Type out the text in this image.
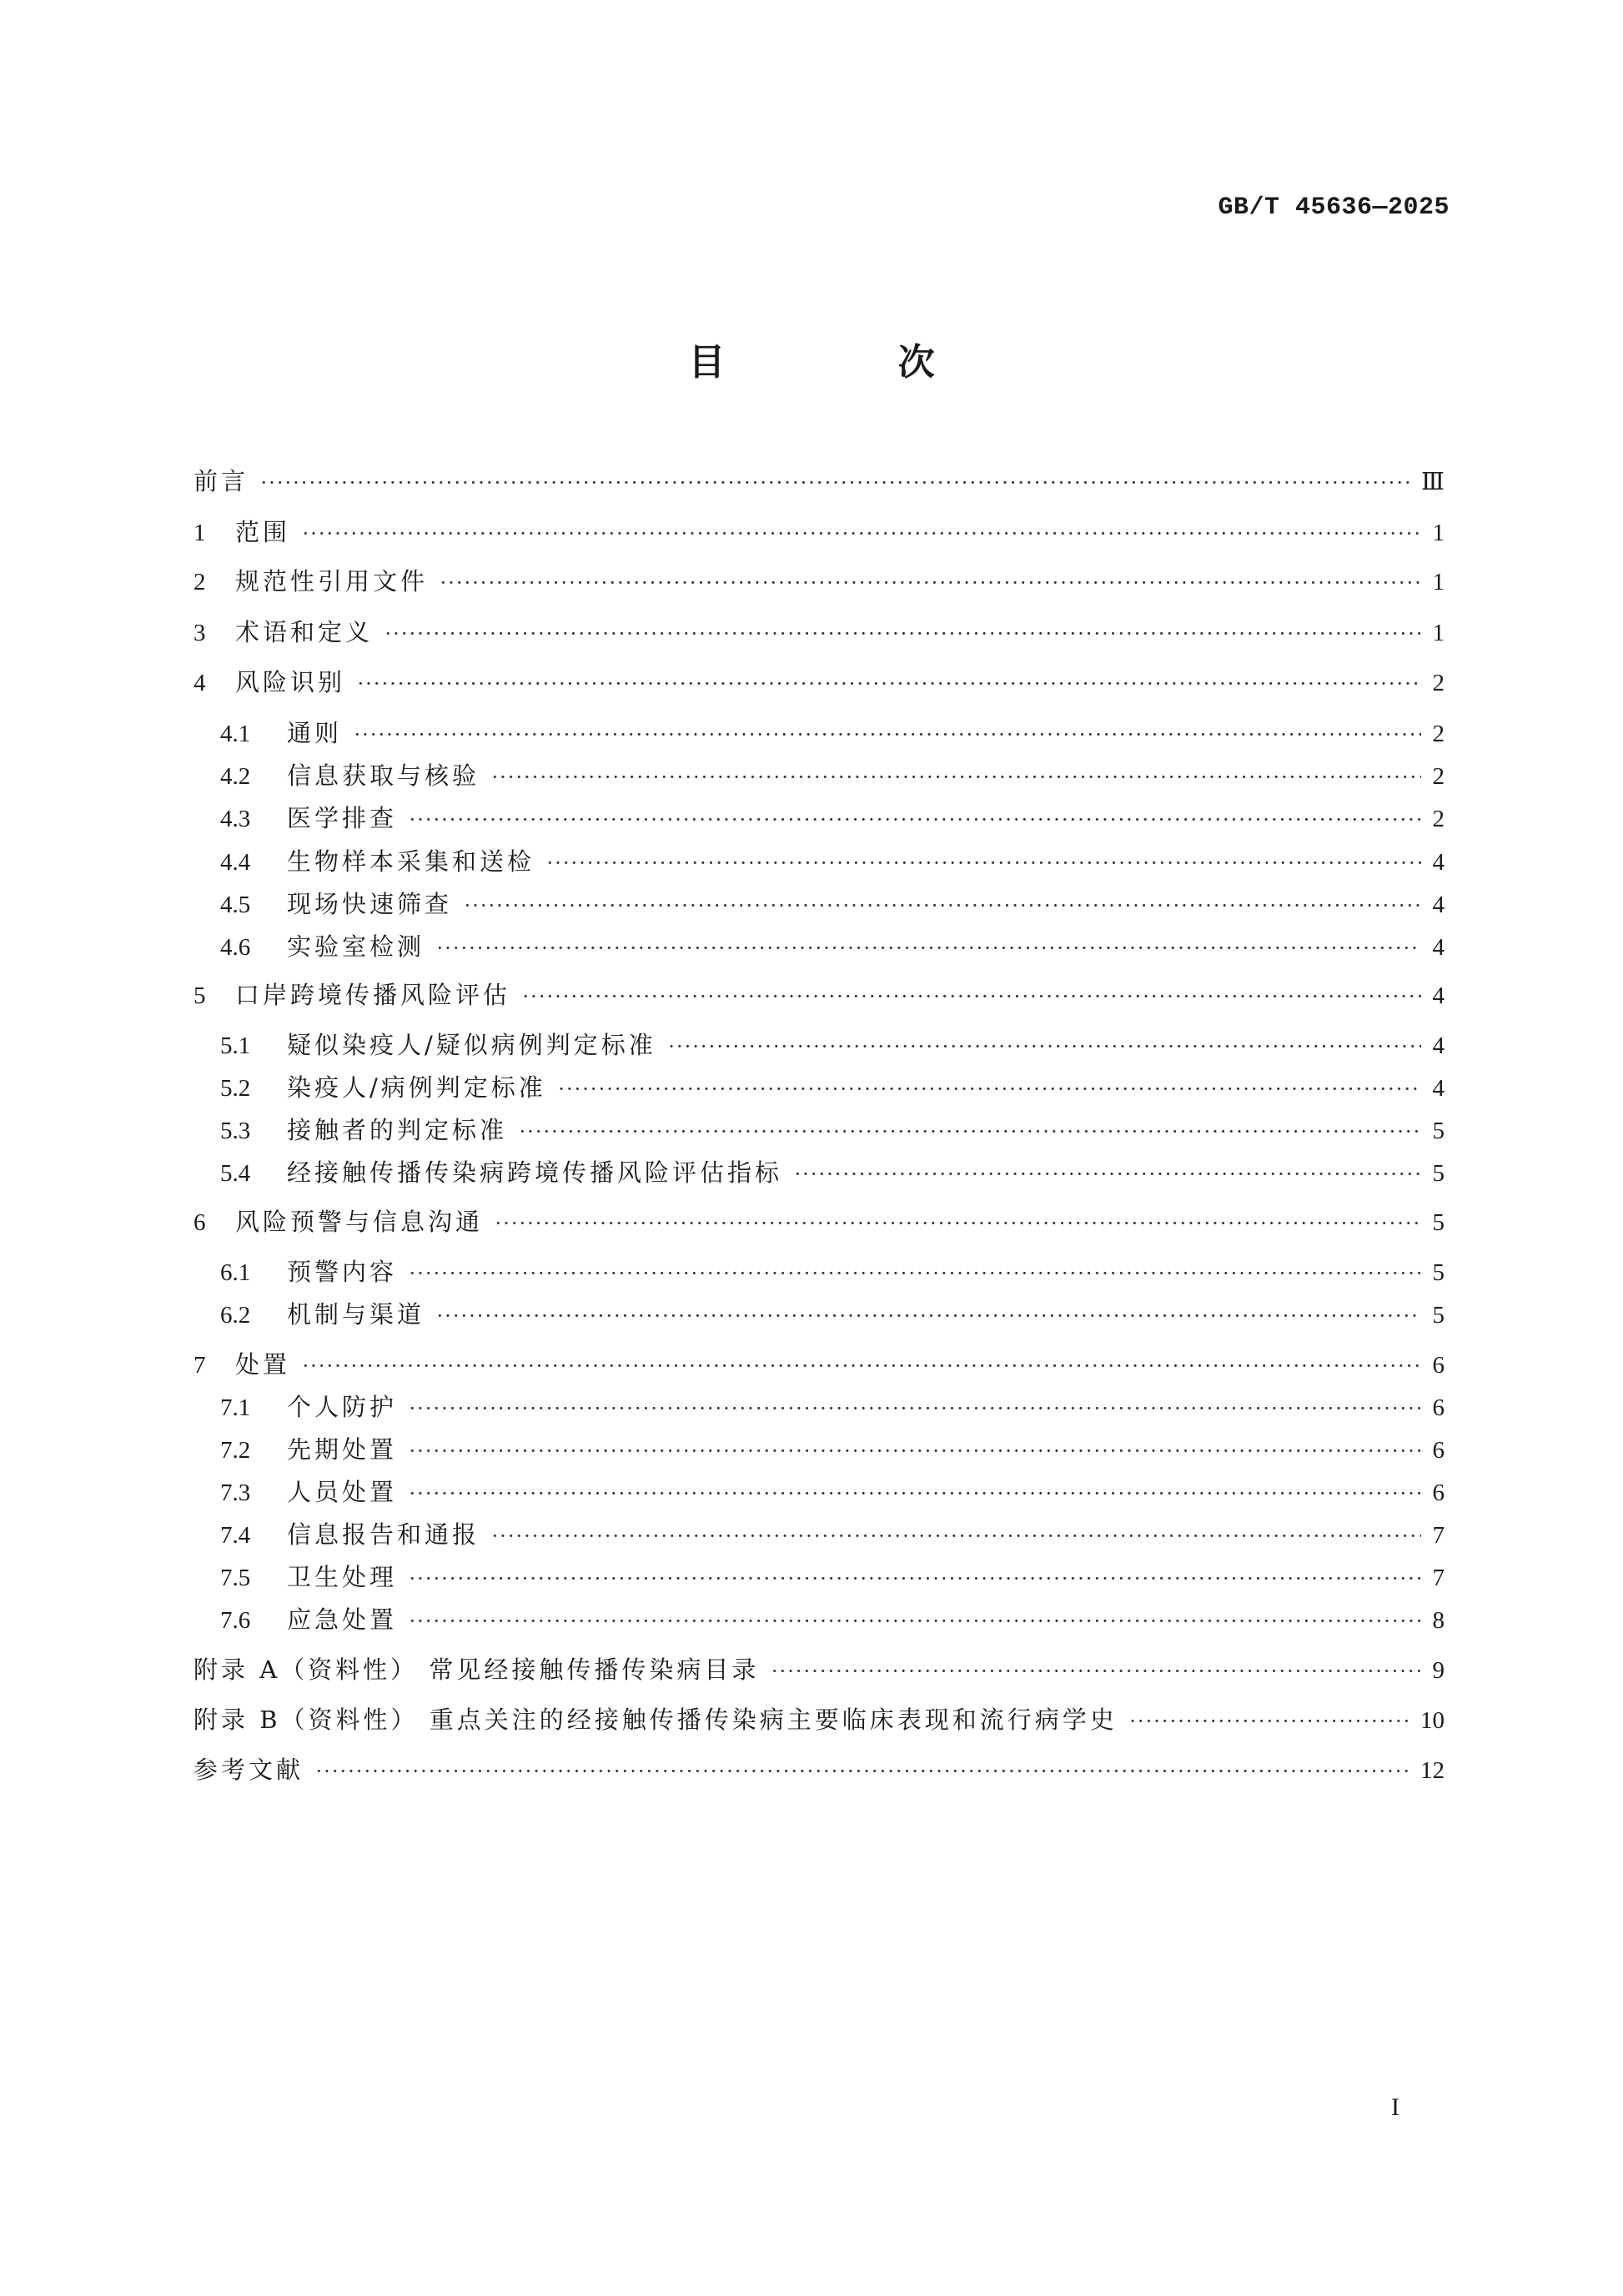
GB/T 45636—2025
目 次
前言 ·····	Ⅲ
1	范围 ·····	1
2	规范性引用文件 ·····	1
3	术语和定义 ·····	1
4	风险识别 ·····	2
4.1	通则 ·····	2
4.2	信息获取与核验 ·····	2
4.3	医学排查 ·····	2
4.4	生物样本采集和送检 ·····	4
4.5	现场快速筛查 ·····	4
4.6	实验室检测 ·····	4
5	口岸跨境传播风险评估 ·····	4
5.1	疑似染疫人/疑似病例判定标准 ·····	4
5.2	染疫人/病例判定标准 ·····	4
5.3	接触者的判定标准 ·····	5
5.4	经接触传播传染病跨境传播风险评估指标 ·····	5
6	风险预警与信息沟通 ·····	5
6.1	预警内容 ·····	5
6.2	机制与渠道 ·····	5
7	处置 ·····	6
7.1	个人防护 ·····	6
7.2	先期处置 ·····	6
7.3	人员处置 ·····	6
7.4	信息报告和通报 ·····	7
7.5	卫生处理 ·····	7
7.6	应急处置 ·····	8
附录 A（资料性） 常见经接触传播传染病目录 ·····	9
附录 B（资料性） 重点关注的经接触传播传染病主要临床表现和流行病学史 ·····	10
参考文献 ·····	12
I
